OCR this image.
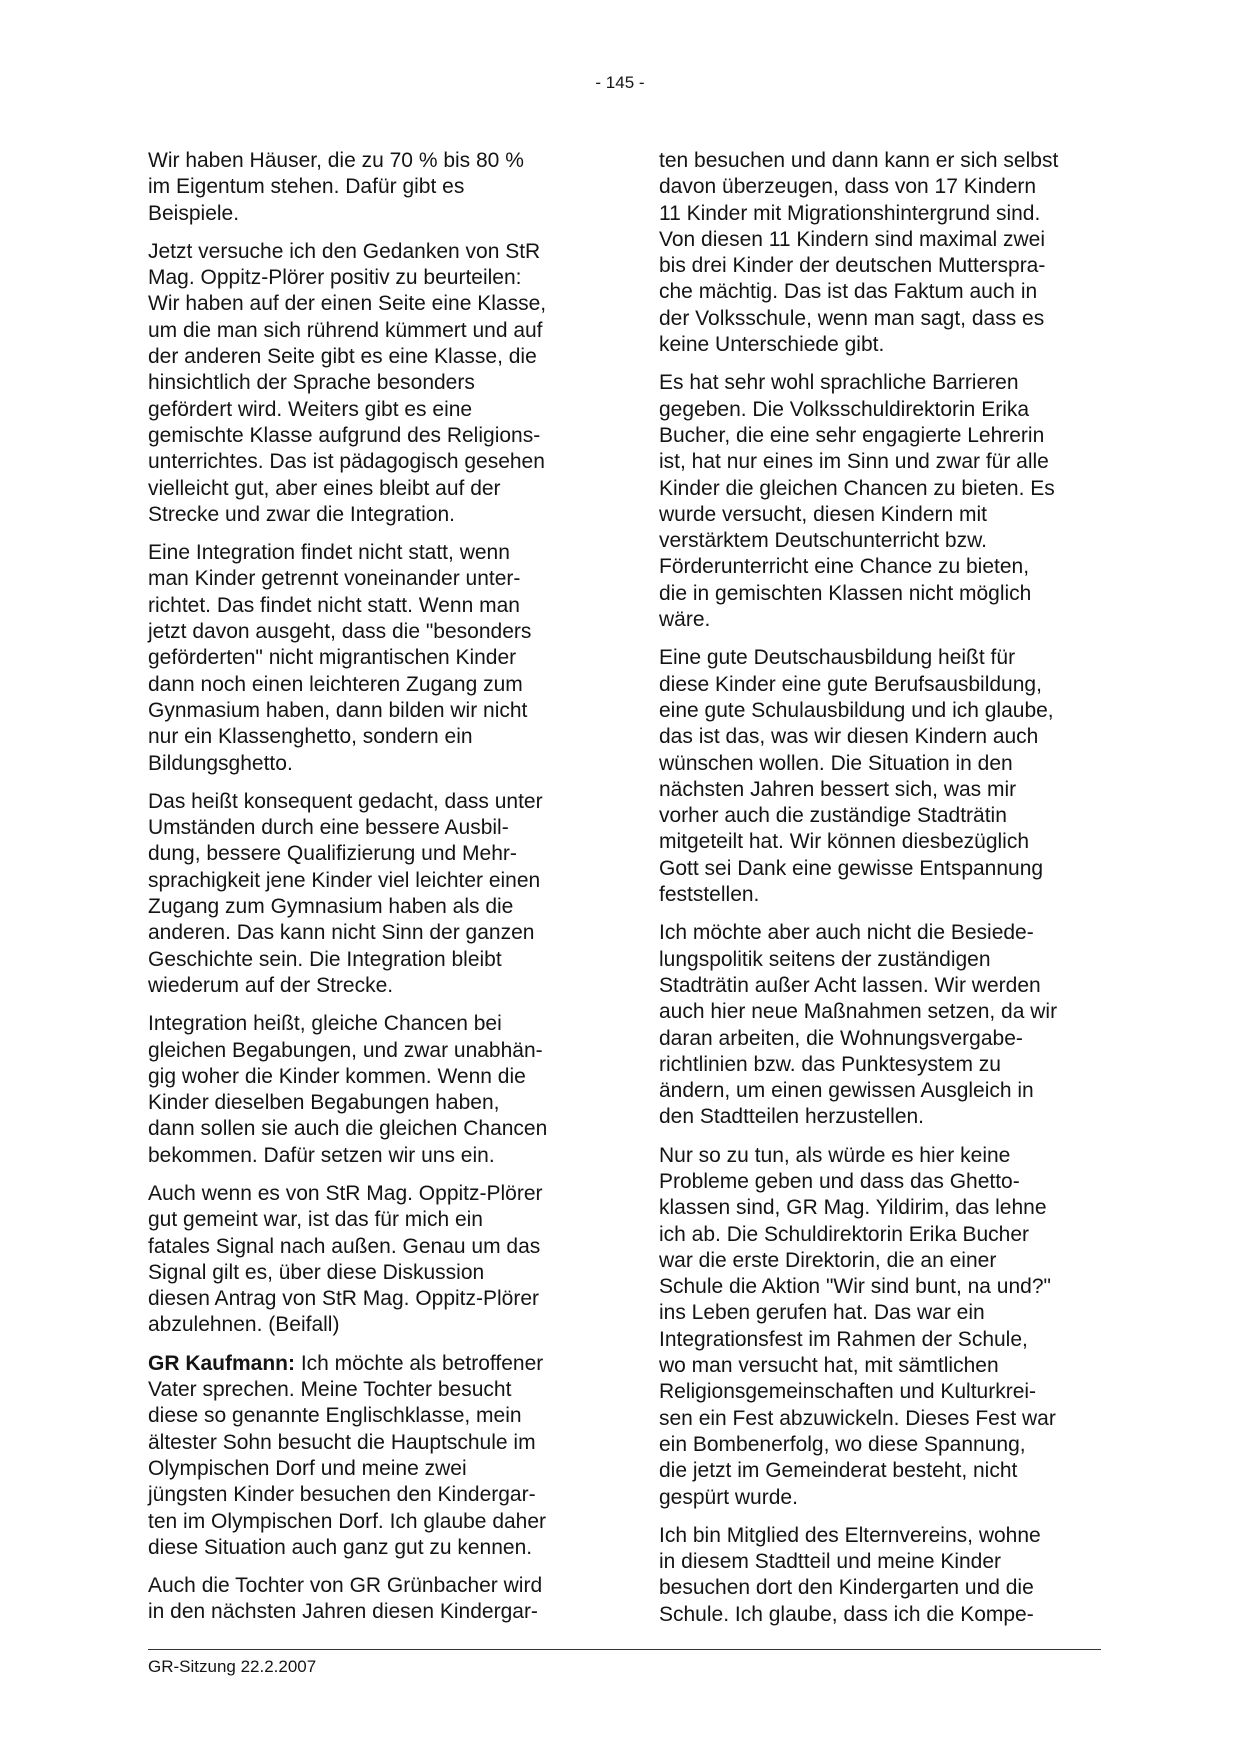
- 145 -

Wir haben Häuser, die zu 70 % bis 80 %
im Eigentum stehen. Dafür gibt es
Beispiele.

Jetzt versuche ich den Gedanken von StR
Mag. Oppitz-Plörer positiv zu beurteilen:
Wir haben auf der einen Seite eine Klasse,
um die man sich rührend kümmert und auf
der anderen Seite gibt es eine Klasse, die
hinsichtlich der Sprache besonders
gefördert wird. Weiters gibt es eine
gemischte Klasse aufgrund des Religions-
unterrichtes. Das ist pädagogisch gesehen
vielleicht gut, aber eines bleibt auf der
Strecke und zwar die Integration.

Eine Integration findet nicht statt, wenn
man Kinder getrennt voneinander unter-
richtet. Das findet nicht statt. Wenn man
jetzt davon ausgeht, dass die "besonders
geförderten" nicht migrantischen Kinder
dann noch einen leichteren Zugang zum
Gynmasium haben, dann bilden wir nicht
nur ein Klassenghetto, sondern ein
Bildungsghetto.

Das heißt konsequent gedacht, dass unter
Umständen durch eine bessere Ausbil-
dung, bessere Qualifizierung und Mehr-
sprachigkeit jene Kinder viel leichter einen
Zugang zum Gymnasium haben als die
anderen. Das kann nicht Sinn der ganzen
Geschichte sein. Die Integration bleibt
wiederum auf der Strecke.

Integration heißt, gleiche Chancen bei
gleichen Begabungen, und zwar unabhän-
gig woher die Kinder kommen. Wenn die
Kinder dieselben Begabungen haben,
dann sollen sie auch die gleichen Chancen
bekommen. Dafür setzen wir uns ein.

Auch wenn es von StR Mag. Oppitz-Plörer
gut gemeint war, ist das für mich ein
fatales Signal nach außen. Genau um das
Signal gilt es, über diese Diskussion
diesen Antrag von StR Mag. Oppitz-Plörer
abzulehnen. (Beifall)

GR Kaufmann: Ich möchte als betroffener
Vater sprechen. Meine Tochter besucht
diese so genannte Englischklasse, mein
ältester Sohn besucht die Hauptschule im
Olympischen Dorf und meine zwei
jüngsten Kinder besuchen den Kindergar-
ten im Olympischen Dorf. Ich glaube daher
diese Situation auch ganz gut zu kennen.

Auch die Tochter von GR Grünbacher wird
in den nächsten Jahren diesen Kindergar-

ten besuchen und dann kann er sich selbst
davon überzeugen, dass von 17 Kindern
11 Kinder mit Migrationshintergrund sind.
Von diesen 11 Kindern sind maximal zwei
bis drei Kinder der deutschen Mutterspra-
che mächtig. Das ist das Faktum auch in
der Volksschule, wenn man sagt, dass es
keine Unterschiede gibt.

Es hat sehr wohl sprachliche Barrieren
gegeben. Die Volksschuldirektorin Erika
Bucher, die eine sehr engagierte Lehrerin
ist, hat nur eines im Sinn und zwar für alle
Kinder die gleichen Chancen zu bieten. Es
wurde versucht, diesen Kindern mit
verstärktem Deutschunterricht bzw.
Förderunterricht eine Chance zu bieten,
die in gemischten Klassen nicht möglich
wäre.

Eine gute Deutschausbildung heißt für
diese Kinder eine gute Berufsausbildung,
eine gute Schulausbildung und ich glaube,
das ist das, was wir diesen Kindern auch
wünschen wollen. Die Situation in den
nächsten Jahren bessert sich, was mir
vorher auch die zuständige Stadträtin
mitgeteilt hat. Wir können diesbezüglich
Gott sei Dank eine gewisse Entspannung
feststellen.

Ich möchte aber auch nicht die Besiede-
lungspolitik seitens der zuständigen
Stadträtin außer Acht lassen. Wir werden
auch hier neue Maßnahmen setzen, da wir
daran arbeiten, die Wohnungsvergabe-
richtlinien bzw. das Punktesystem zu
ändern, um einen gewissen Ausgleich in
den Stadtteilen herzustellen.

Nur so zu tun, als würde es hier keine
Probleme geben und dass das Ghetto-
klassen sind, GR Mag. Yildirim, das lehne
ich ab. Die Schuldirektorin Erika Bucher
war die erste Direktorin, die an einer
Schule die Aktion "Wir sind bunt, na und?"
ins Leben gerufen hat. Das war ein
Integrationsfest im Rahmen der Schule,
wo man versucht hat, mit sämtlichen
Religionsgemeinschaften und Kulturkrei-
sen ein Fest abzuwickeln. Dieses Fest war
ein Bombenerfolg, wo diese Spannung,
die jetzt im Gemeinderat besteht, nicht
gespürt wurde.

Ich bin Mitglied des Elternvereins, wohne
in diesem Stadtteil und meine Kinder
besuchen dort den Kindergarten und die
Schule. Ich glaube, dass ich die Kompe-

GR-Sitzung 22.2.2007
